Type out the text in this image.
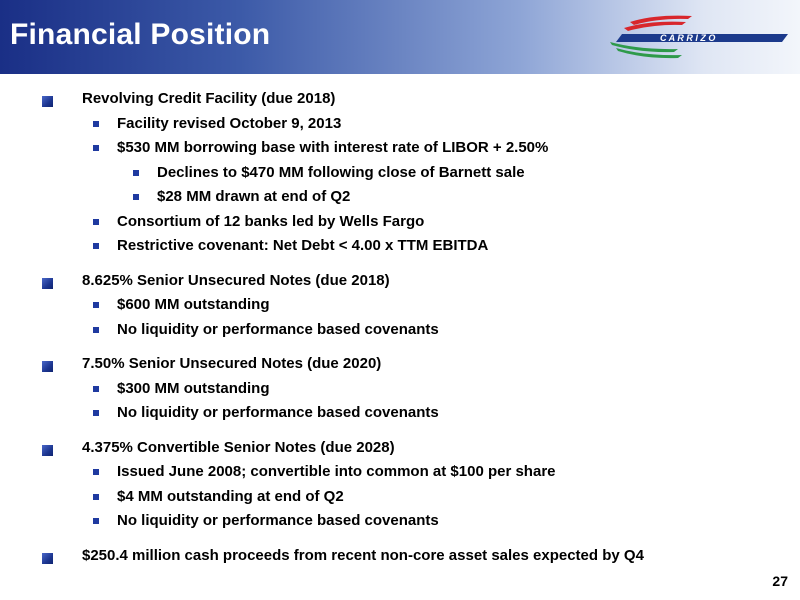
Financial Position	C A R R I Z O
Revolving Credit Facility (due 2018)
Facility revised October 9, 2013
$530 MM borrowing base with interest rate of LIBOR + 2.50%
Declines to $470 MM following close of Barnett sale
$28 MM drawn at end of Q2
Consortium of 12 banks led by Wells Fargo
Restrictive covenant: Net Debt < 4.00 x TTM EBITDA
8.625% Senior Unsecured Notes (due 2018)
$600 MM outstanding
No liquidity or performance based covenants
7.50% Senior Unsecured Notes (due 2020)
$300 MM outstanding
No liquidity or performance based covenants
4.375% Convertible Senior Notes (due 2028)
Issued June 2008; convertible into common at $100 per share
$4 MM outstanding at end of Q2
No liquidity or performance based covenants
$250.4 million cash proceeds from recent non-core asset sales expected by Q4
27
